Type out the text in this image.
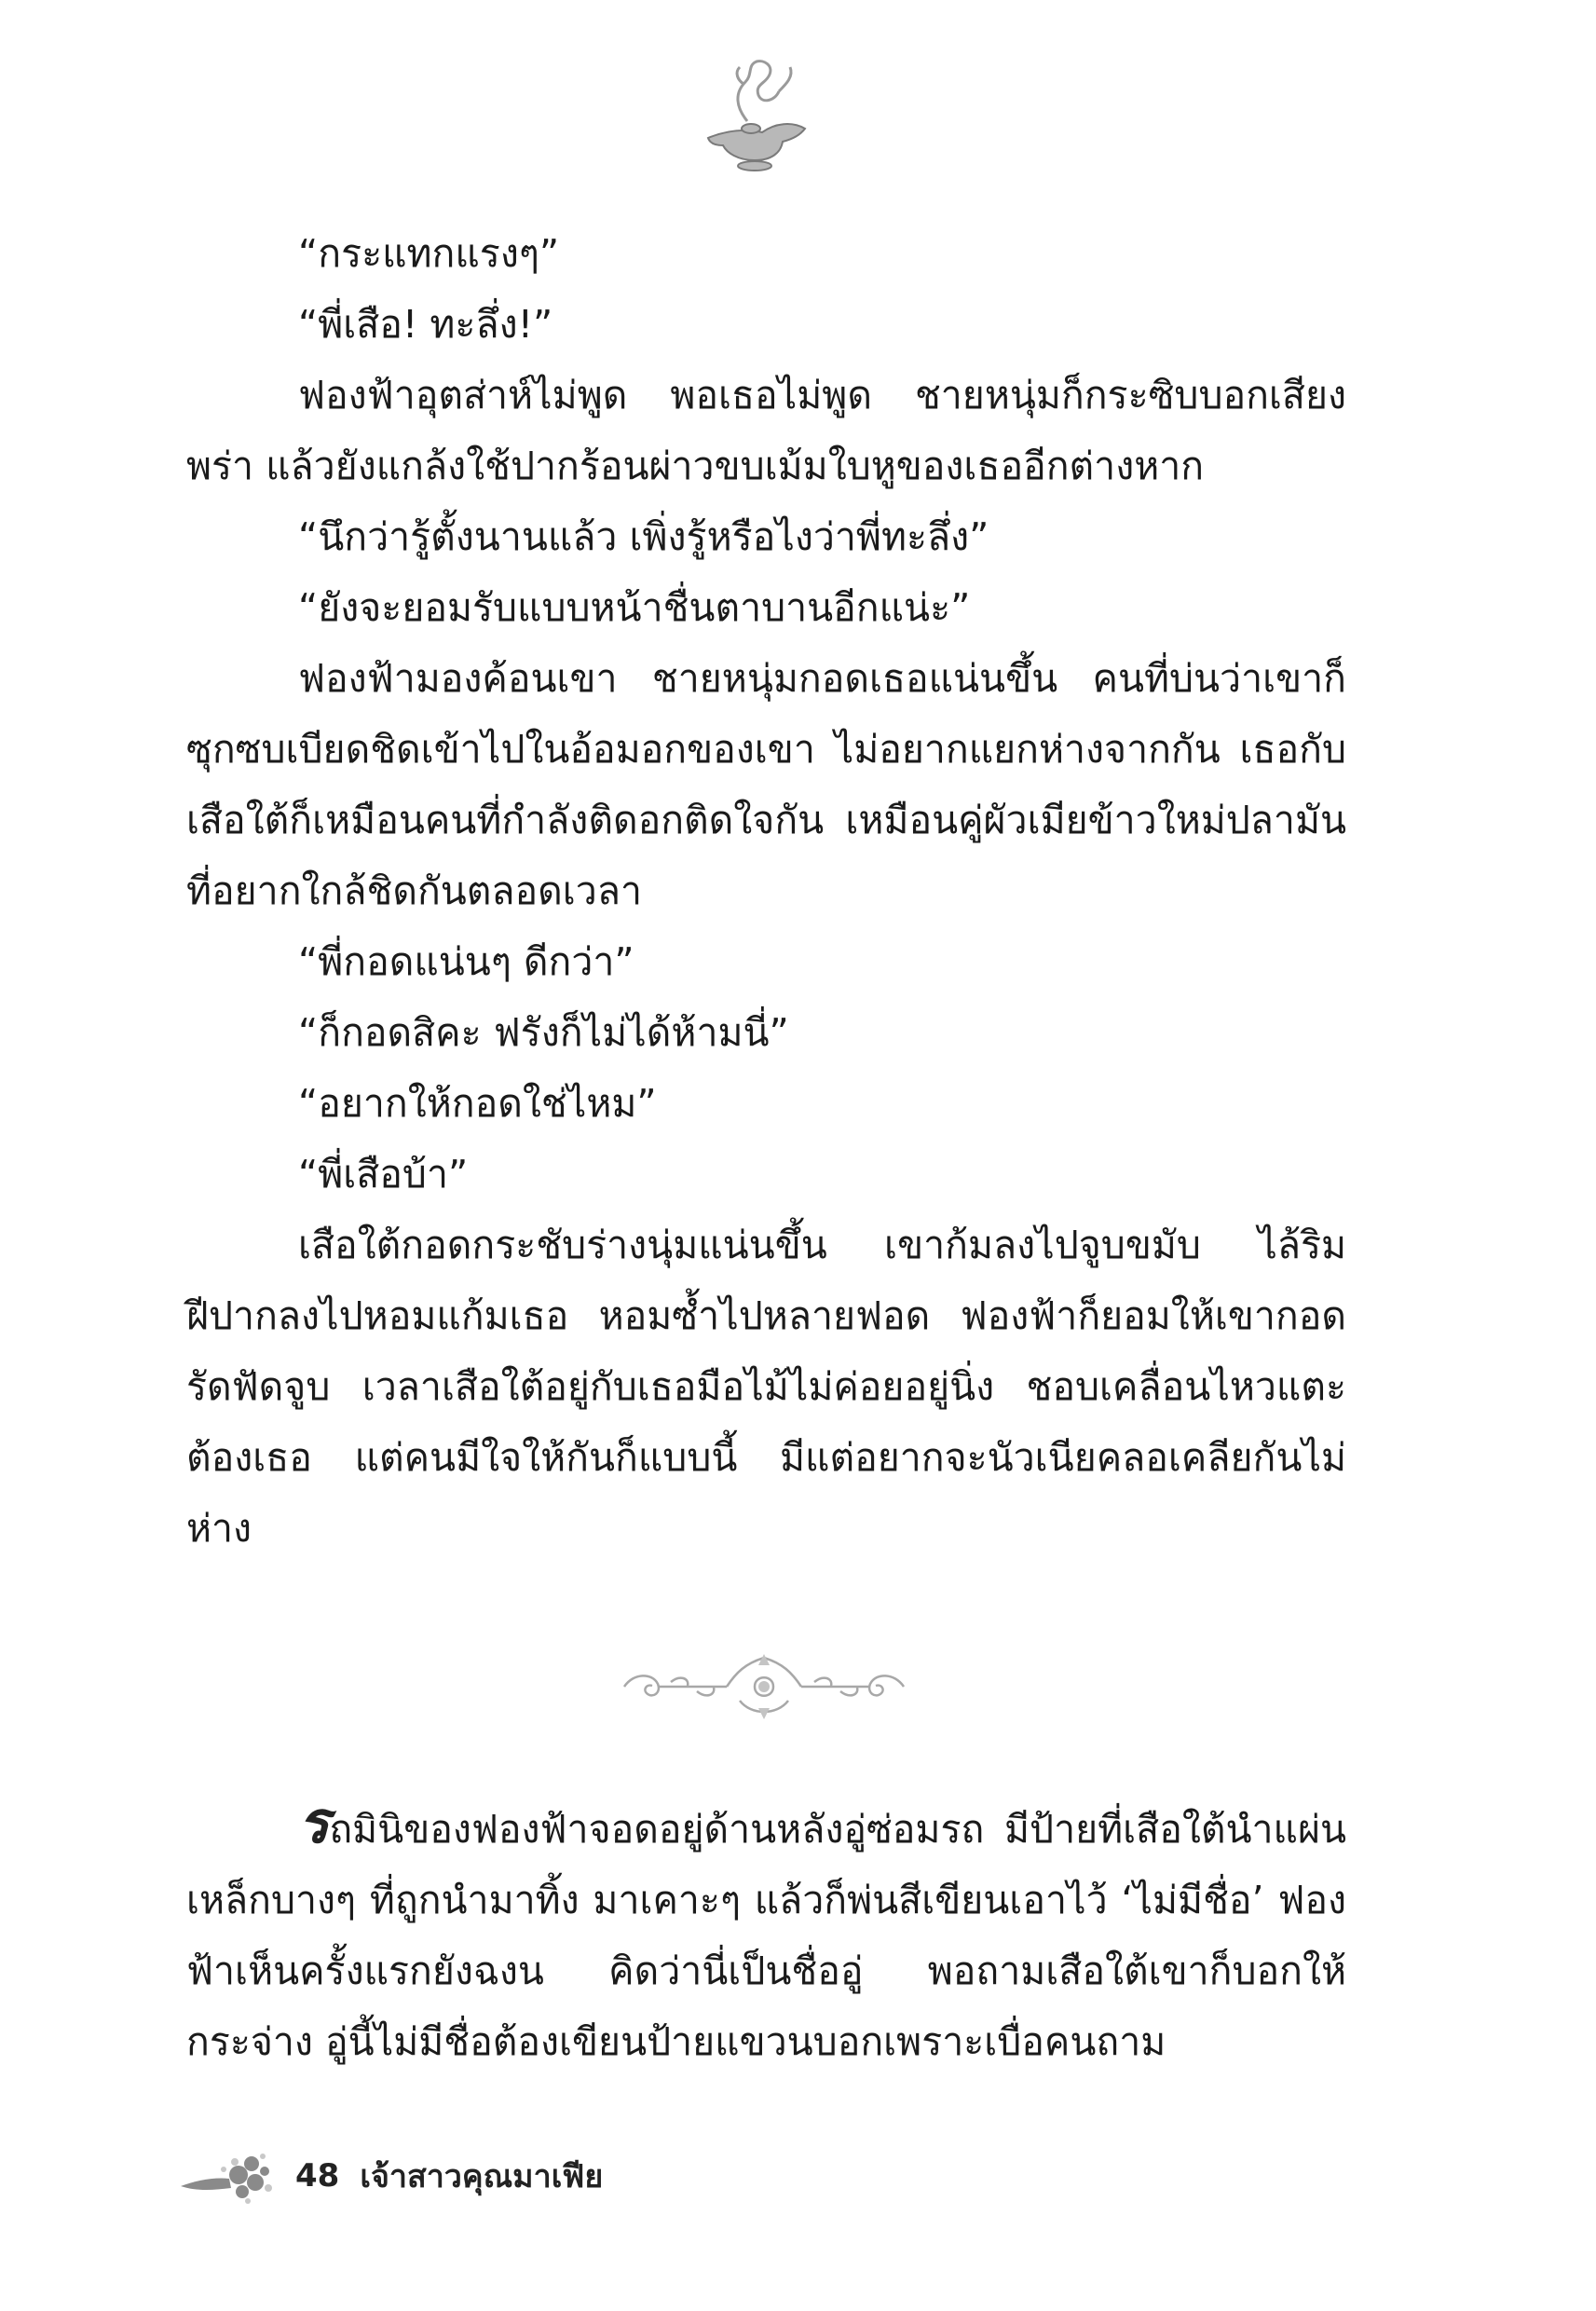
“กระแทกแรงๆ”

“พี่เสือ! ทะลึ่ง!”

ฟองฟ้าอุตส่าห์ไม่พูด พอเธอไม่พูด ชายหนุ่มก็กระซิบบอกเสียงพร่า แล้วยังแกล้งใช้ปากร้อนผ่าวขบเม้มใบหูของเธออีกต่างหาก

“นึกว่ารู้ตั้งนานแล้ว เพิ่งรู้หรือไงว่าพี่ทะลึ่ง”

“ยังจะยอมรับแบบหน้าชื่นตาบานอีกแน่ะ”

ฟองฟ้ามองค้อนเขา ชายหนุ่มกอดเธอแน่นขึ้น คนที่บ่นว่าเขาก็ซุกซบเบียดชิดเข้าไปในอ้อมอกของเขา ไม่อยากแยกห่างจากกัน เธอกับเสือใต้ก็เหมือนคนที่กำลังติดอกติดใจกัน เหมือนคู่ผัวเมียข้าวใหม่ปลามันที่อยากใกล้ชิดกันตลอดเวลา

“พี่กอดแน่นๆ ดีกว่า”

“ก็กอดสิคะ ฟรังก็ไม่ได้ห้ามนี่”

“อยากให้กอดใช่ไหม”

“พี่เสือบ้า”

เสือใต้กอดกระชับร่างนุ่มแน่นขึ้น เขาก้มลงไปจูบขมับ ไล้ริมฝีปากลงไปหอมแก้มเธอ หอมซ้ำไปหลายฟอด ฟองฟ้าก็ยอมให้เขากอดรัดฟัดจูบ เวลาเสือใต้อยู่กับเธอมือไม้ไม่ค่อยอยู่นิ่ง ชอบเคลื่อนไหวแตะต้องเธอ แต่คนมีใจให้กันก็แบบนี้ มีแต่อยากจะนัวเนียคลอเคลียกันไม่ห่าง

รถมินิของฟองฟ้าจอดอยู่ด้านหลังอู่ซ่อมรถ มีป้ายที่เสือใต้นำแผ่นเหล็กบางๆ ที่ถูกนำมาทิ้ง มาเคาะๆ แล้วก็พ่นสีเขียนเอาไว้ ‘ไม่มีชื่อ’ ฟองฟ้าเห็นครั้งแรกยังฉงน คิดว่านี่เป็นชื่ออู่ พอถามเสือใต้เขาก็บอกให้กระจ่าง อู่นี้ไม่มีชื่อต้องเขียนป้ายแขวนบอกเพราะเบื่อคนถาม

48 เจ้าสาวคุณมาเฟีย
